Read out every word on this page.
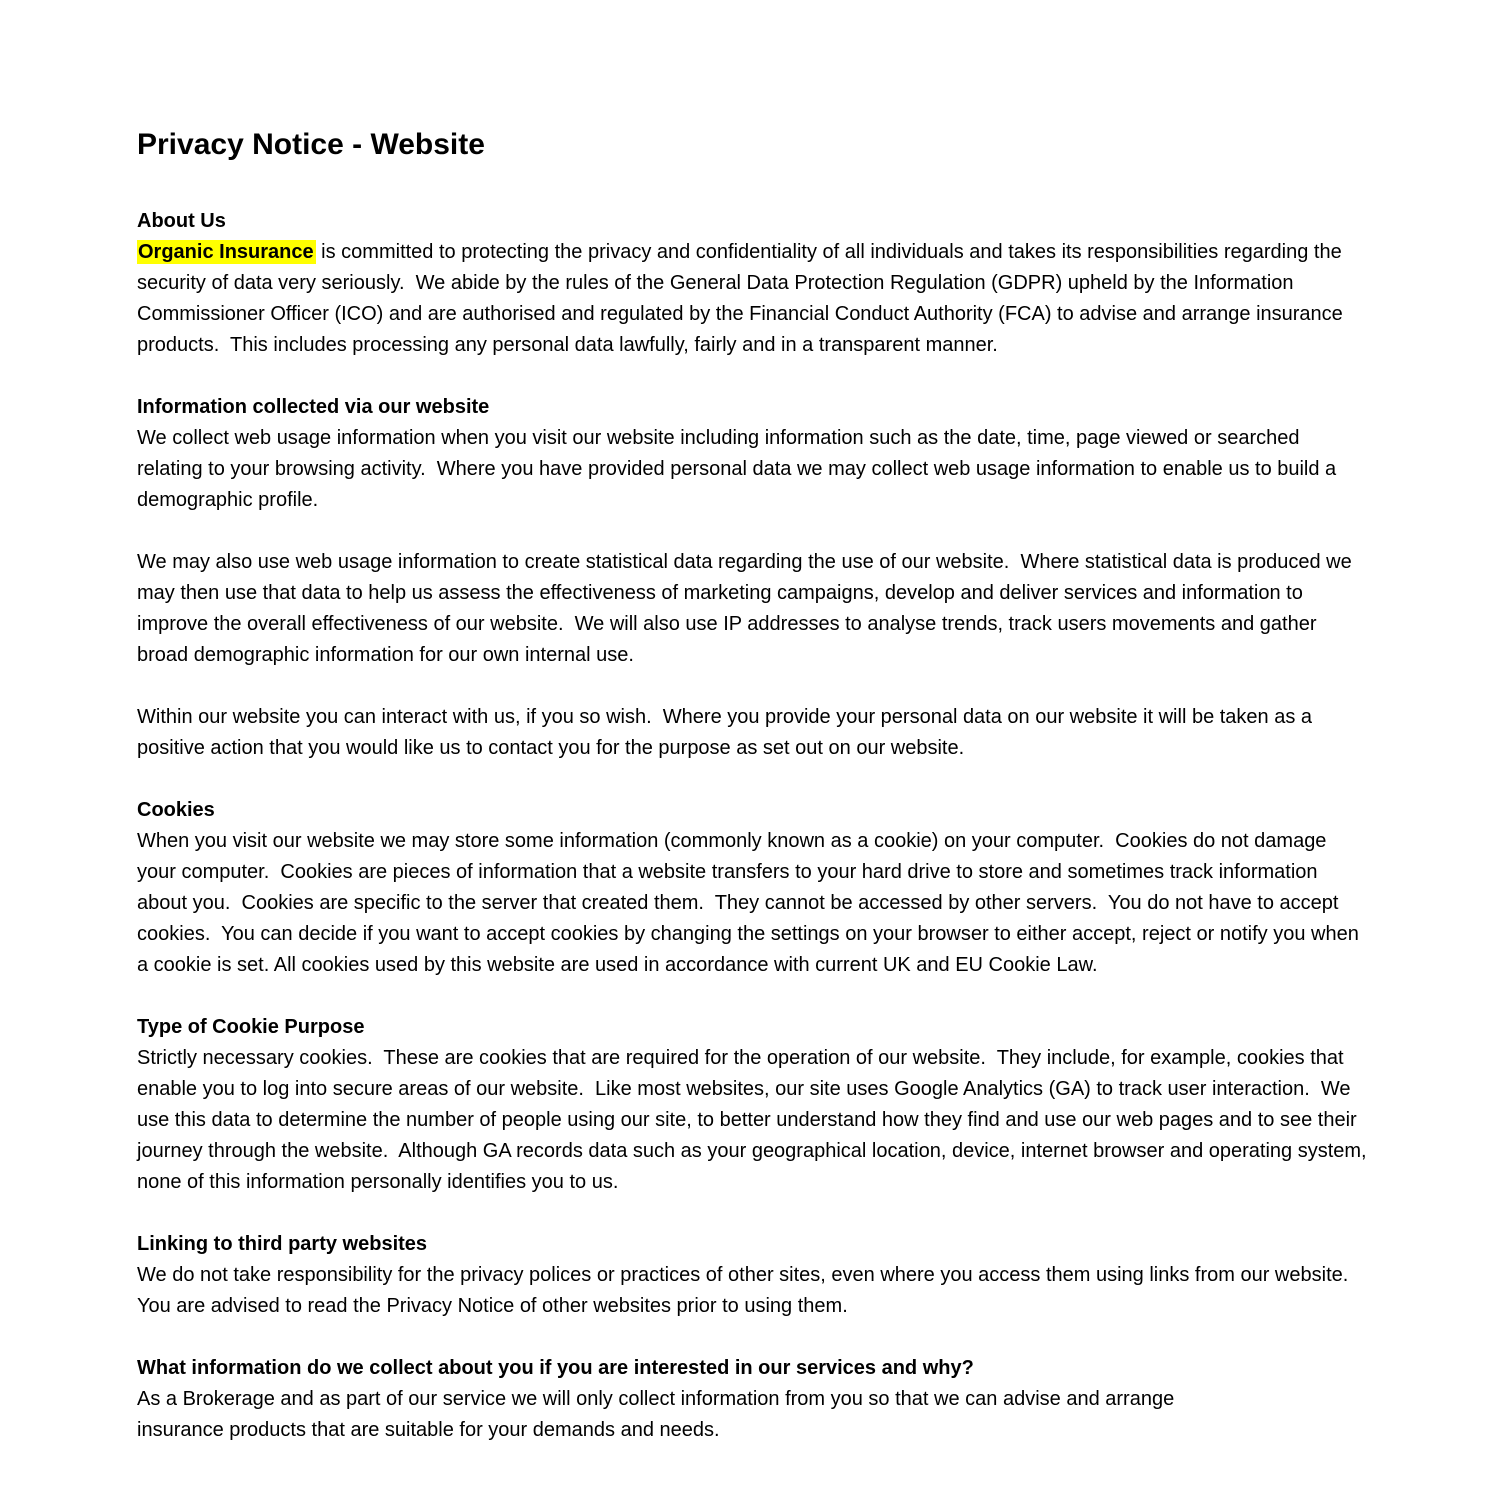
Privacy Notice - Website
About Us

Organic Insurance is committed to protecting the privacy and confidentiality of all individuals and takes its responsibilities regarding the security of data very seriously.  We abide by the rules of the General Data Protection Regulation (GDPR) upheld by the Information Commissioner Officer (ICO) and are authorised and regulated by the Financial Conduct Authority (FCA) to advise and arrange insurance products.  This includes processing any personal data lawfully, fairly and in a transparent manner.

Information collected via our website

We collect web usage information when you visit our website including information such as the date, time, page viewed or searched relating to your browsing activity.  Where you have provided personal data we may collect web usage information to enable us to build a demographic profile.

We may also use web usage information to create statistical data regarding the use of our website.  Where statistical data is produced we may then use that data to help us assess the effectiveness of marketing campaigns, develop and deliver services and information to improve the overall effectiveness of our website.  We will also use IP addresses to analyse trends, track users movements and gather broad demographic information for our own internal use.

Within our website you can interact with us, if you so wish.  Where you provide your personal data on our website it will be taken as a positive action that you would like us to contact you for the purpose as set out on our website.

Cookies

When you visit our website we may store some information (commonly known as a cookie) on your computer.  Cookies do not damage your computer.  Cookies are pieces of information that a website transfers to your hard drive to store and sometimes track information about you.  Cookies are specific to the server that created them.  They cannot be accessed by other servers.  You do not have to accept cookies.  You can decide if you want to accept cookies by changing the settings on your browser to either accept, reject or notify you when a cookie is set. All cookies used by this website are used in accordance with current UK and EU Cookie Law.

Type of Cookie Purpose

Strictly necessary cookies.  These are cookies that are required for the operation of our website.  They include, for example, cookies that enable you to log into secure areas of our website.  Like most websites, our site uses Google Analytics (GA) to track user interaction.  We use this data to determine the number of people using our site, to better understand how they find and use our web pages and to see their journey through the website.  Although GA records data such as your geographical location, device, internet browser and operating system, none of this information personally identifies you to us.

Linking to third party websites

We do not take responsibility for the privacy polices or practices of other sites, even where you access them using links from our website.  You are advised to read the Privacy Notice of other websites prior to using them.

What information do we collect about you if you are interested in our services and why?

As a Brokerage and as part of our service we will only collect information from you so that we can advise and arrange

insurance products that are suitable for your demands and needs.
